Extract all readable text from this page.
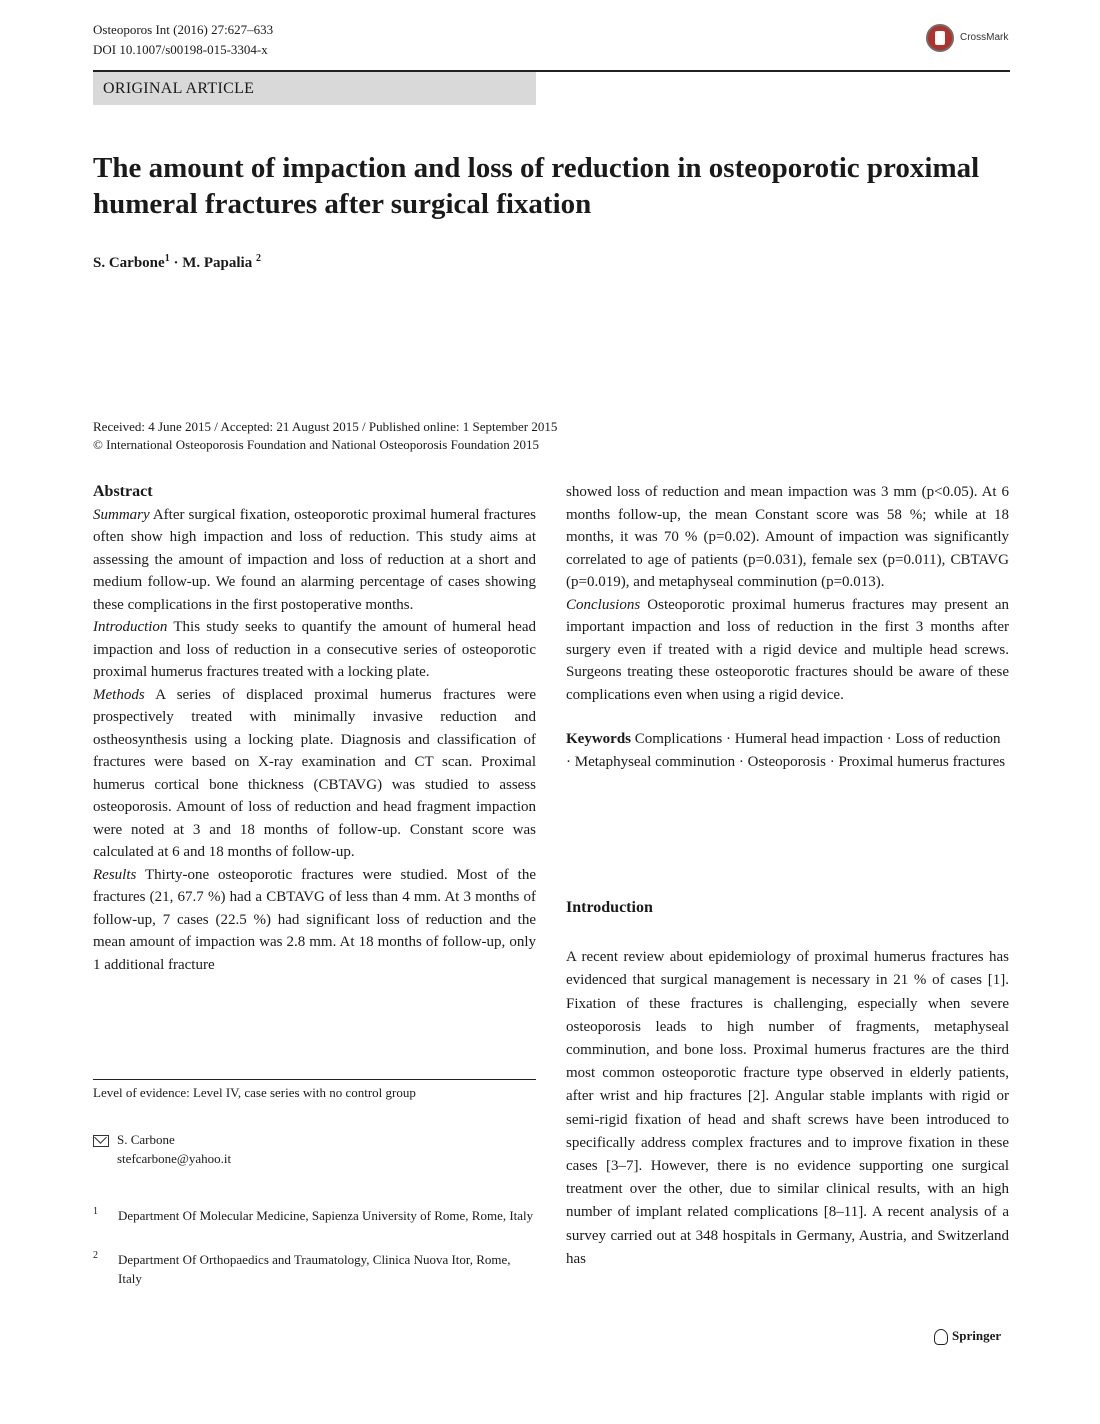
Osteoporos Int (2016) 27:627–633
DOI 10.1007/s00198-015-3304-x
CrossMark
ORIGINAL ARTICLE
The amount of impaction and loss of reduction in osteoporotic proximal humeral fractures after surgical fixation
S. Carbone$^1$ · M. Papalia $^2$
Received: 4 June 2015 / Accepted: 21 August 2015 / Published online: 1 September 2015
© International Osteoporosis Foundation and National Osteoporosis Foundation 2015

Abstract

Summary After surgical fixation, osteoporotic proximal humeral fractures often show high impaction and loss of reduction. This study aims at assessing the amount of impaction and loss of reduction at a short and medium follow-up. We found an alarming percentage of cases showing these complications in the first postoperative months.

Introduction This study seeks to quantify the amount of humeral head impaction and loss of reduction in a consecutive series of osteoporotic proximal humerus fractures treated with a locking plate.

Methods A series of displaced proximal humerus fractures were prospectively treated with minimally invasive reduction and ostheosynthesis using a locking plate. Diagnosis and classification of fractures were based on X-ray examination and CT scan. Proximal humerus cortical bone thickness (CBTAVG) was studied to assess osteoporosis. Amount of loss of reduction and head fragment impaction were noted at 3 and 18 months of follow-up. Constant score was calculated at 6 and 18 months of follow-up.

Results Thirty-one osteoporotic fractures were studied. Most of the fractures (21, 67.7 %) had a CBTAVG of less than 4 mm. At 3 months of follow-up, 7 cases (22.5 %) had significant loss of reduction and the mean amount of impaction was 2.8 mm. At 18 months of follow-up, only 1 additional fracture

showed loss of reduction and mean impaction was 3 mm (p<0.05). At 6 months follow-up, the mean Constant score was 58 %; while at 18 months, it was 70 % (p=0.02). Amount of impaction was significantly correlated to age of patients (p=0.031), female sex (p=0.011), CBTAVG (p=0.019), and metaphyseal comminution (p=0.013).

Conclusions Osteoporotic proximal humerus fractures may present an important impaction and loss of reduction in the first 3 months after surgery even if treated with a rigid device and multiple head screws. Surgeons treating these osteoporotic fractures should be aware of these complications even when using a rigid device.

Keywords Complications · Humeral head impaction · Loss of reduction · Metaphyseal comminution · Osteoporosis · Proximal humerus fractures

Level of evidence: Level IV, case series with no control group
S. Carbone
stefcarbone@yahoo.it
1 Department Of Molecular Medicine, Sapienza University of Rome, Rome, Italy
2 Department Of Orthopaedics and Traumatology, Clinica Nuova Itor, Rome, Italy
Introduction

A recent review about epidemiology of proximal humerus fractures has evidenced that surgical management is necessary in 21 % of cases [1]. Fixation of these fractures is challenging, especially when severe osteoporosis leads to high number of fragments, metaphyseal comminution, and bone loss. Proximal humerus fractures are the third most common osteoporotic fracture type observed in elderly patients, after wrist and hip fractures [2]. Angular stable implants with rigid or semi-rigid fixation of head and shaft screws have been introduced to specifically address complex fractures and to improve fixation in these cases [3–7]. However, there is no evidence supporting one surgical treatment over the other, due to similar clinical results, with an high number of implant related complications [8–11]. A recent analysis of a survey carried out at 348 hospitals in Germany, Austria, and Switzerland has

Springer
